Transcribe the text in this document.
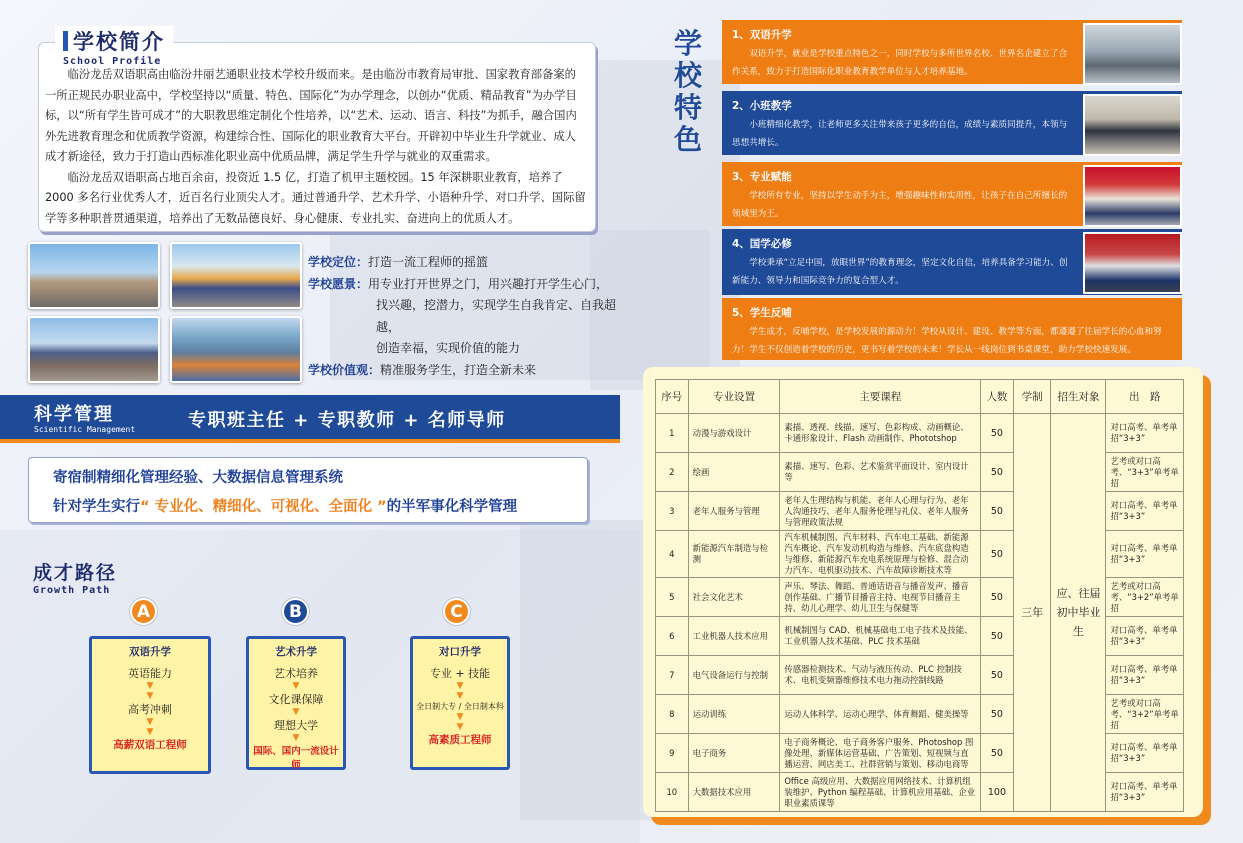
学校简介
School Profile

临汾龙岳双语职高由临汾井丽艺通职业技术学校升级而来。是由临汾市教育局审批、国家教育部备案的一所正规民办职业高中，学校坚持以“质量、特色、国际化”为办学理念，以创办“优质、精品教育”为办学目标，以“所有学生皆可成才”的大职教思维定制化个性培养，以“艺术、运动、语言、科技”为抓手，融合国内外先进教育理念和优质教学资源，构建综合性、国际化的职业教育大平台。开辟初中毕业生升学就业、成人成才新途径，致力于打造山西标准化职业高中优质品牌，满足学生升学与就业的双重需求。

临汾龙岳双语职高占地百余亩，投资近 1.5 亿，打造了机甲主题校园。15 年深耕职业教育，培养了 2000 多名行业优秀人才，近百名行业顶尖人才。通过普通升学、艺术升学、小语种升学、对口升学、国际留学等多种职普贯通渠道，培养出了无数品德良好、身心健康、专业扎实、奋进向上的优质人才。

学校定位： 打造一流工程师的摇篮
学校愿景： 用专业打开世界之门，用兴趣打开学生心门，
找兴趣，挖潜力，实现学生自我肯定、自我超越，
创造幸福，实现价值的能力
学校价值观： 精准服务学生，打造全新未来
科学管理
Scientific Management	专职班主任 + 专职教师 + 名师导师
寄宿制精细化管理经验、大数据信息管理系统
针对学生实行“ 专业化、精细化、可视化、全面化 ”的半军事化科学管理
成才路径
Growth Path
A	B	C
双语升学
英语能力
▼
▼
高考冲刺
▼
▼
高薪双语工程师
艺术升学
艺术培养
▼
文化课保障
▼
理想大学
▼
国际、国内一流设计师
对口升学
专业 + 技能
▼
▼
全日制大专 / 全日制本科
▼
▼
高素质工程师
学
校
特
色
1、双语升学
双语升学，就业是学校重点特色之一，同时学校与多所世界名校、世界名企建立了合作关系，致力于打造国际化职业教育教学单位与人才培养基地。
2、小班教学
小班精细化教学，让老师更多关注带来孩子更多的自信，成绩与素质同提升，本领与思想共增长。
3、专业赋能
学校所有专业，坚持以学生动手为主，增强趣味性和实用性，让孩子在自己所擅长的领域里为王。
4、国学必修
学校秉承“立足中国，放眼世界”的教育理念，坚定文化自信，培养具备学习能力、创新能力、领导力和国际竞争力的复合型人才。
5、学生反哺
学生成才，反哺学校，是学校发展的源动力！学校从设计、建设、教学等方面，都遵遵了往届学长的心血和努力！学生不仅创造着学校的历史，更书写着学校的未来！学长从一线岗位到书桌课堂，助力学校快速发展。
序号	专业设置	主要课程	人数	学制	招生对象	出　路
1	动漫与游戏设计	素描、透视、线描、速写、色彩构成、动画概论、卡通形象设计、Flash 动画制作、Phototshop	50	三年	应、往届初中毕业生	对口高考、单考单招“3+3”
2	绘画	素描、速写、色彩、艺术鉴赏平面设计、室内设计等	50			艺考或对口高考、“3+3”单考单招
3	老年人服务与管理	老年人生理结构与机能、老年人心理与行为、老年人沟通技巧、老年人服务伦理与礼仪、老年人服务与管理政策法规	50			对口高考、单考单招“3+3”
4	新能源汽车制造与检测	汽车机械制图、汽车材料、汽车电工基础、新能源汽车概论、汽车发动机构造与维修、汽车底盘构造与维修、新能源汽车充电系统原理与检修、混合动力汽车、电机驱动技术、汽车故障诊断技术等	50			对口高考、单考单招“3+3”
5	社会文化艺术	声乐、琴法、舞蹈、普通话语音与播音发声、播音创作基础、广播节目播音主持、电视节目播音主持、幼儿心理学、幼儿卫生与保健等	50			艺考或对口高考、“3+2”单考单招
6	工业机器人技术应用	机械制图与 CAD、机械基础电工电子技术及技能、工业机器人技术基础、PLC 技术基础	50			对口高考、单考单招“3+3”
7	电气设备运行与控制	传感器检测技术、气动与液压传动、PLC 控制技术、电机变频器维修技术电力拖动控制线路	50			对口高考、单考单招“3+3”
8	运动训练	运动人体科学、运动心理学、体育舞蹈、健美操等	50			艺考或对口高考、“3+2”单考单招
9	电子商务	电子商务概论、电子商务客户服务、Photoshop 图像处理、新媒体运营基础、广告策划、短视频与直播运营、网店美工、社群营销与策划、移动电商等	50			对口高考、单考单招“3+3”
10	大数据技术应用	Office 高级应用、大数据应用网络技术、计算机组装维护、Python 编程基础、计算机应用基础、企业职业素质课等	100			对口高考、单考单招“3+3”
